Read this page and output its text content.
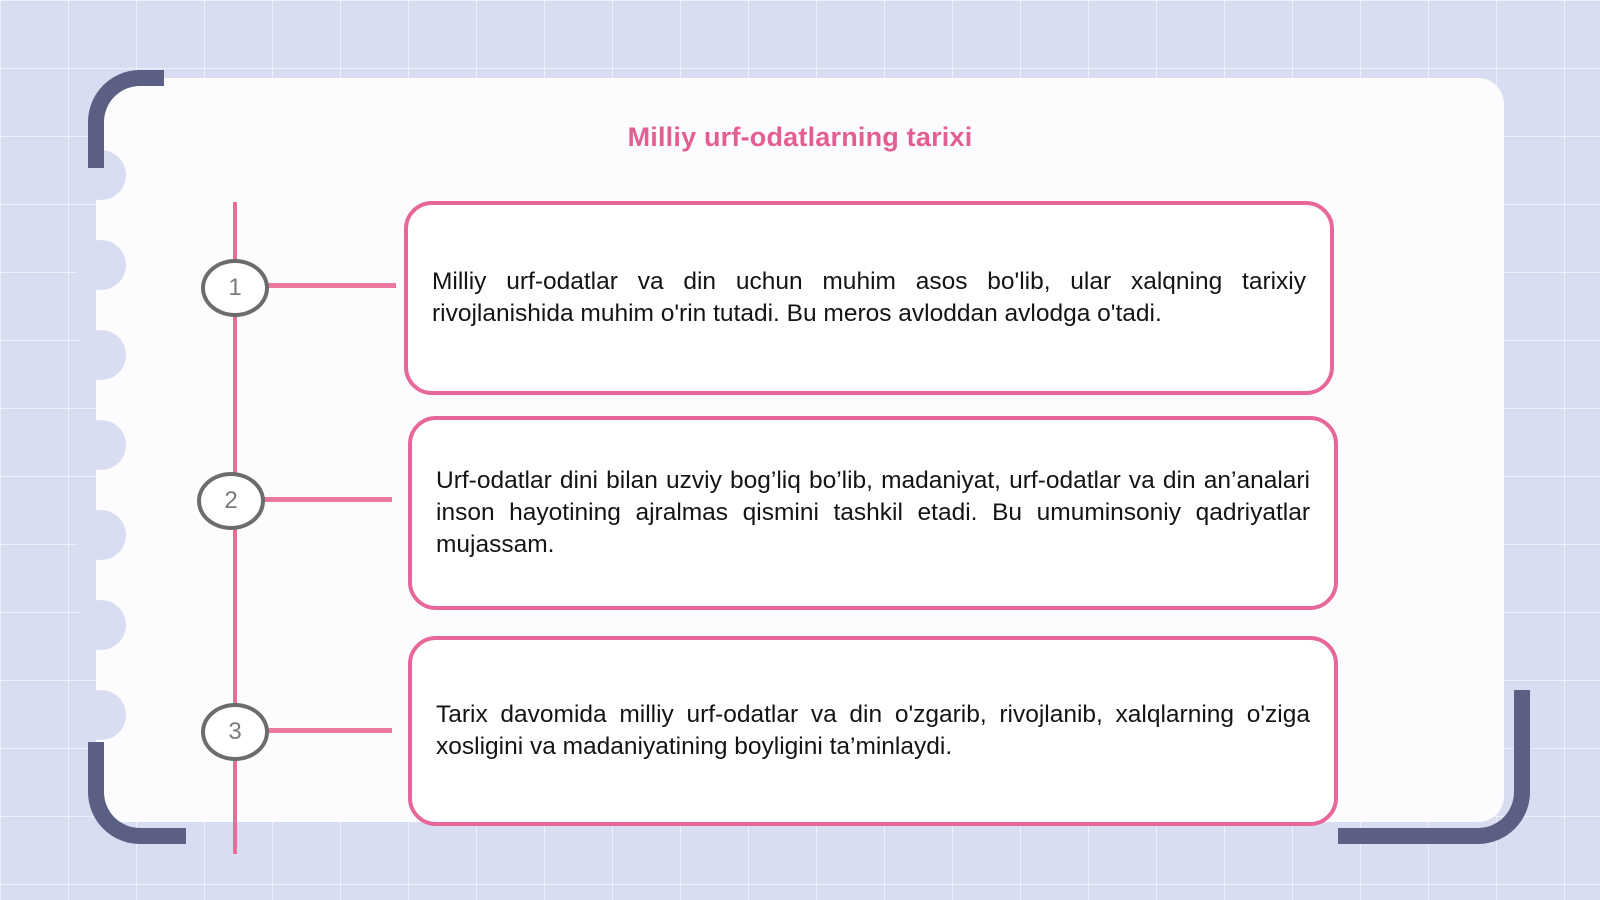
Milliy urf-odatlarning tarixi
1
2
3

Milliy urf-odatlar va din uchun muhim asos bo'lib, ular xalqning tarixiy rivojlanishida muhim o'rin tutadi. Bu meros avloddan avlodga o'tadi.

Urf-odatlar dini bilan uzviy bog’liq bo’lib, madaniyat, urf-odatlar va din an’analari inson hayotining ajralmas qismini tashkil etadi. Bu umuminsoniy qadriyatlar mujassam.

Tarix davomida milliy urf-odatlar va din o'zgarib, rivojlanib, xalqlarning o'ziga xosligini va madaniyatining boyligini ta’minlaydi.
